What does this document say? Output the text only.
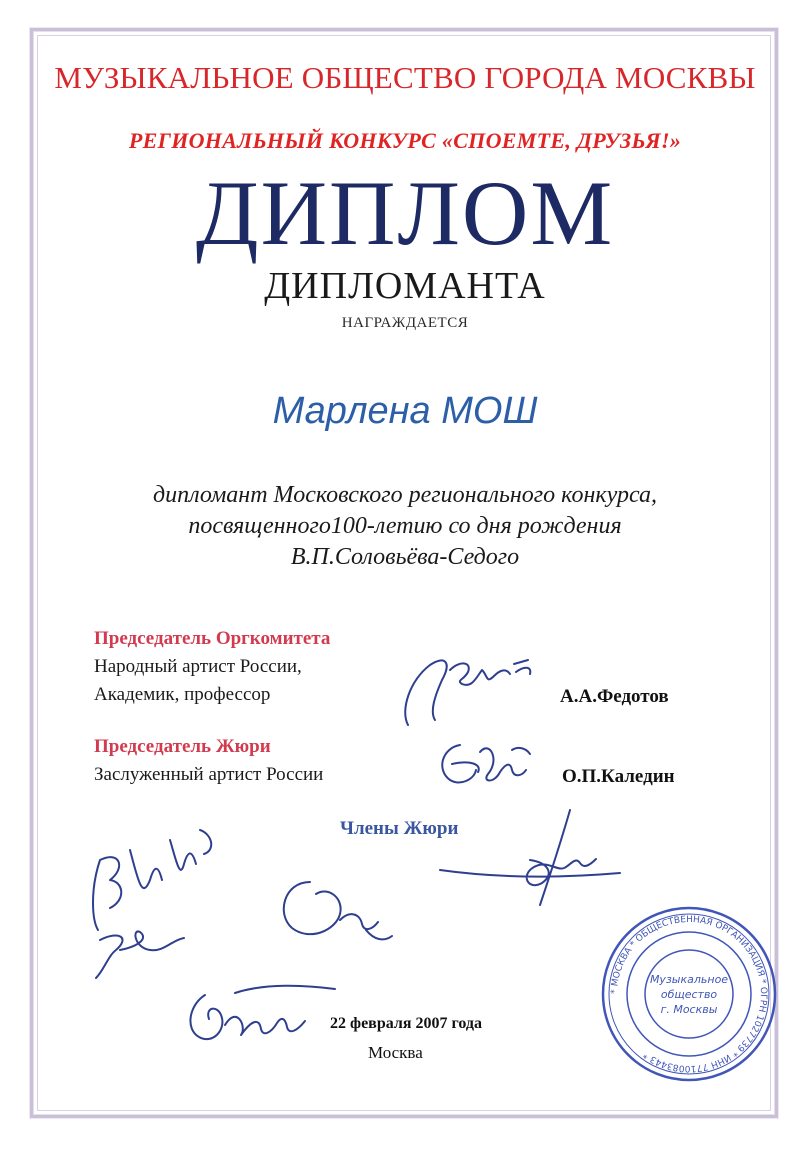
МУЗЫКАЛЬНОЕ ОБЩЕСТВО ГОРОДА МОСКВЫ
РЕГИОНАЛЬНЫЙ КОНКУРС «СПОЕМТЕ, ДРУЗЬЯ!»
ДИПЛОМ
ДИПЛОМАНТА
НАГРАЖДАЕТСЯ
Марлена МОШ
дипломант Московского регионального конкурса,
посвященного100-летию со дня рождения
В.П.Соловьёва-Седого
Председатель Оргкомитета
Народный артист России,
Академик, профессор	А.А.Федотов
Председатель Жюри
Заслуженный артист России	О.П.Каледин
Члены Жюри
22 февраля 2007 года
Москва
* МОСКВА * ОБЩЕСТВЕННАЯ ОРГАНИЗАЦИЯ * ОГРН 1027739 * ИНН 7710083443 *
Музыкальное
общество
г. Москвы
